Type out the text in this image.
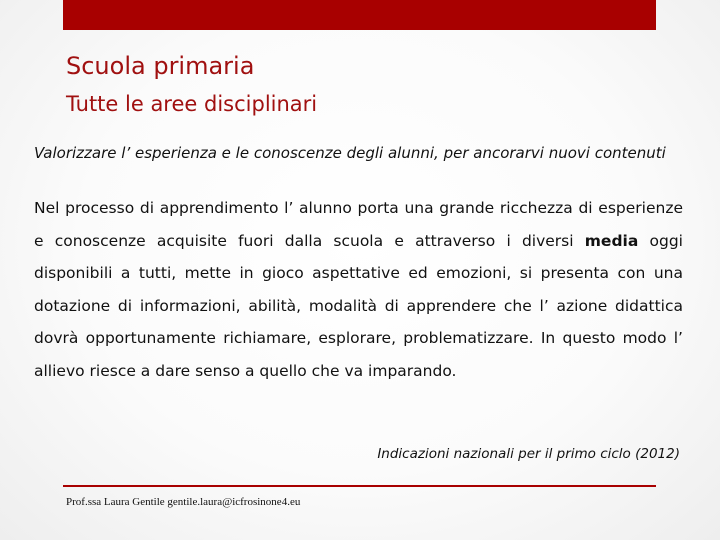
Scuola primaria
Tutte le aree disciplinari
Valorizzare l’ esperienza e le conoscenze degli alunni, per ancorarvi nuovi contenuti
Nel processo di apprendimento l’ alunno porta una grande ricchezza di esperienze e conoscenze acquisite fuori dalla scuola e attraverso i diversi media oggi disponibili a tutti, mette in gioco aspettative ed emozioni, si presenta con una dotazione di informazioni, abilità, modalità di apprendere che l’ azione didattica dovrà opportunamente richiamare, esplorare, problematizzare. In questo modo l’ allievo riesce a dare senso a quello che va imparando.
Indicazioni nazionali per il primo ciclo (2012)
Prof.ssa Laura Gentile gentile.laura@icfrosinone4.eu
